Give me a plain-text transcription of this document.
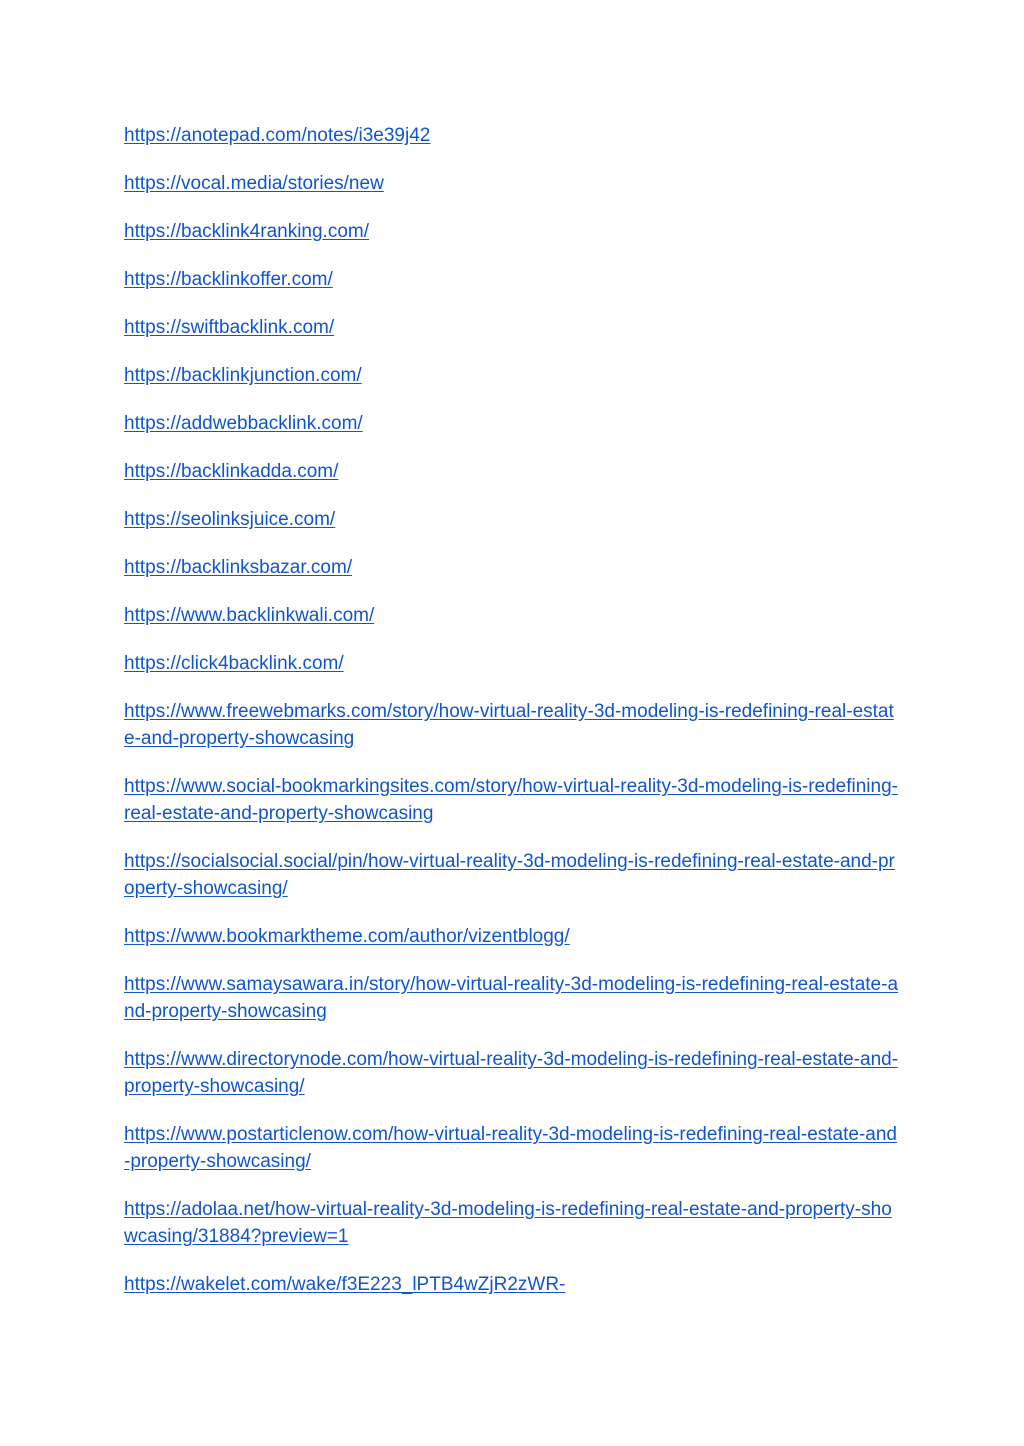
https://anotepad.com/notes/i3e39j42
https://vocal.media/stories/new
https://backlink4ranking.com/
https://backlinkoffer.com/
https://swiftbacklink.com/
https://backlinkjunction.com/
https://addwebbacklink.com/
https://backlinkadda.com/
https://seolinksjuice.com/
https://backlinksbazar.com/
https://www.backlinkwali.com/
https://click4backlink.com/
https://www.freewebmarks.com/story/how-virtual-reality-3d-modeling-is-redefining-real-estate-and-property-showcasing
https://www.social-bookmarkingsites.com/story/how-virtual-reality-3d-modeling-is-redefining-real-estate-and-property-showcasing
https://socialsocial.social/pin/how-virtual-reality-3d-modeling-is-redefining-real-estate-and-property-showcasing/
https://www.bookmarktheme.com/author/vizentblogg/
https://www.samaysawara.in/story/how-virtual-reality-3d-modeling-is-redefining-real-estate-and-property-showcasing
https://www.directorynode.com/how-virtual-reality-3d-modeling-is-redefining-real-estate-and-property-showcasing/
https://www.postarticlenow.com/how-virtual-reality-3d-modeling-is-redefining-real-estate-and-property-showcasing/
https://adolaa.net/how-virtual-reality-3d-modeling-is-redefining-real-estate-and-property-showcasing/31884?preview=1
https://wakelet.com/wake/f3E223_lPTB4wZjR2zWR-
